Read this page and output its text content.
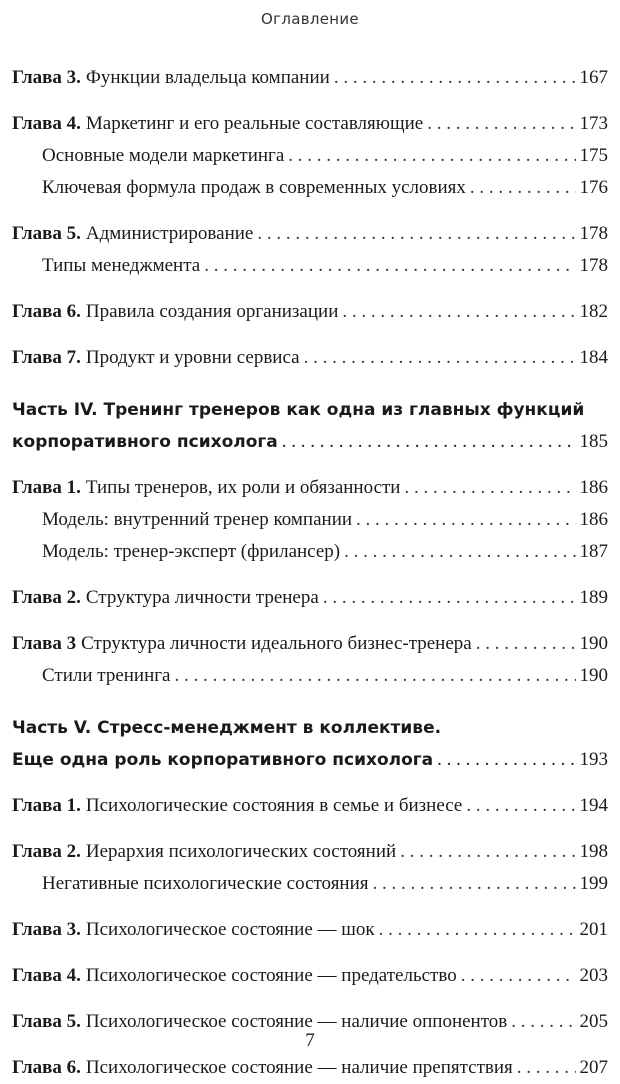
Оглавление
Глава 3. Функции владельца компании . . .	167
Глава 4. Маркетинг и его реальные составляющие . . .	173
Основные модели маркетинга . . .	175
Ключевая формула продаж в современных условиях . . .	176
Глава 5. Администрирование . . .	178
Типы менеджмента . . .	178
Глава 6. Правила создания организации . . .	182
Глава 7. Продукт и уровни сервиса . . .	184
Часть IV. Тренинг тренеров как одна из главных функций
корпоративного психолога . . .	185
Глава 1. Типы тренеров, их роли и обязанности . . .	186
Модель: внутренний тренер компании . . .	186
Модель: тренер-эксперт (фрилансер) . . .	187
Глава 2. Структура личности тренера . . .	189
Глава 3 Структура личности идеального бизнес-тренера . . .	190
Стили тренинга . . .	190
Часть V. Стресс-менеджмент в коллективе.
Еще одна роль корпоративного психолога . . .	193
Глава 1. Психологические состояния в семье и бизнесе . . .	194
Глава 2. Иерархия психологических состояний . . .	198
Негативные психологические состояния . . .	199
Глава 3. Психологическое состояние — шок . . .	201
Глава 4. Психологическое состояние — предательство . . .	203
Глава 5. Психологическое состояние — наличие оппонентов . . .	205
Глава 6. Психологическое состояние — наличие препятствия . . .	207
7
